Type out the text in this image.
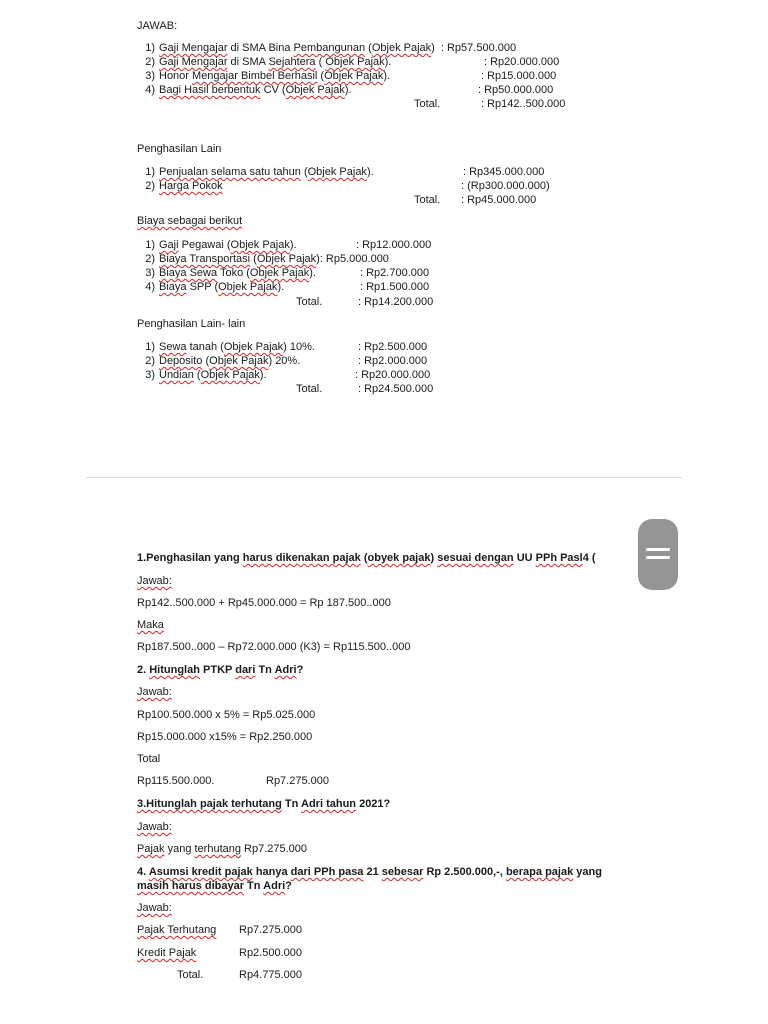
JAWAB:
1) Gaji Mengajar di SMA Bina Pembangunan (Objek Pajak) : Rp57.500.000
2) Gaji Mengajar di SMA Sejahtera ( Objek Pajak).	: Rp20.000.000
3) Honor Mengajar Bimbel Berhasil (Objek Pajak).	: Rp15.000.000
4) Bagi Hasil berbentuk CV (Objek Pajak).	: Rp50.000.000
Total.	: Rp142..500.000
Penghasilan Lain
1) Penjualan selama satu tahun (Objek Pajak).	: Rp345.000.000
2) Harga Pokok	: (Rp300.000.000)
Total. : Rp45.000.000
Biaya sebagai berikut
1) Gaji Pegawai (Objek Pajak).	: Rp12.000.000
2) Biaya Transportasi (Objek Pajak): Rp5.000.000
3) Biaya Sewa Toko (Objek Pajak).	: Rp2.700.000
4) Biaya SPP (Objek Pajak).	: Rp1.500.000
Total.	: Rp14.200.000
Penghasilan Lain- lain
1) Sewa tanah (Objek Pajak) 10%.	: Rp2.500.000
2) Deposito (Objek Pajak) 20%.	: Rp2.000.000
3) Undian (Objek Pajak).	: Rp20.000.000
Total.	: Rp24.500.000
1.Penghasilan yang harus dikenakan pajak (obyek pajak) sesuai dengan UU PPh Pasl4 (
Jawab:
Rp142..500.000 + Rp45.000.000 = Rp 187.500..000
Maka
Rp187.500..000 – Rp72.000.000 (K3) = Rp115.500..000
2. Hitunglah PTKP dari Tn Adri?
Jawab:
Rp100.500.000 x 5% = Rp5.025.000
Rp15.000.000 x15% = Rp2.250.000
Total
Rp115.500.000.	Rp7.275.000
3.Hitunglah pajak terhutang Tn Adri tahun 2021?
Jawab:
Pajak yang terhutang Rp7.275.000
4. Asumsi kredit pajak hanya dari PPh pasa 21 sebesar Rp 2.500.000,-, berapa pajak yang
masih harus dibayar Tn Adri?
Jawab:
Pajak Terhutang Rp7.275.000
Kredit Pajak	Rp2.500.000
Total.	Rp4.775.000
